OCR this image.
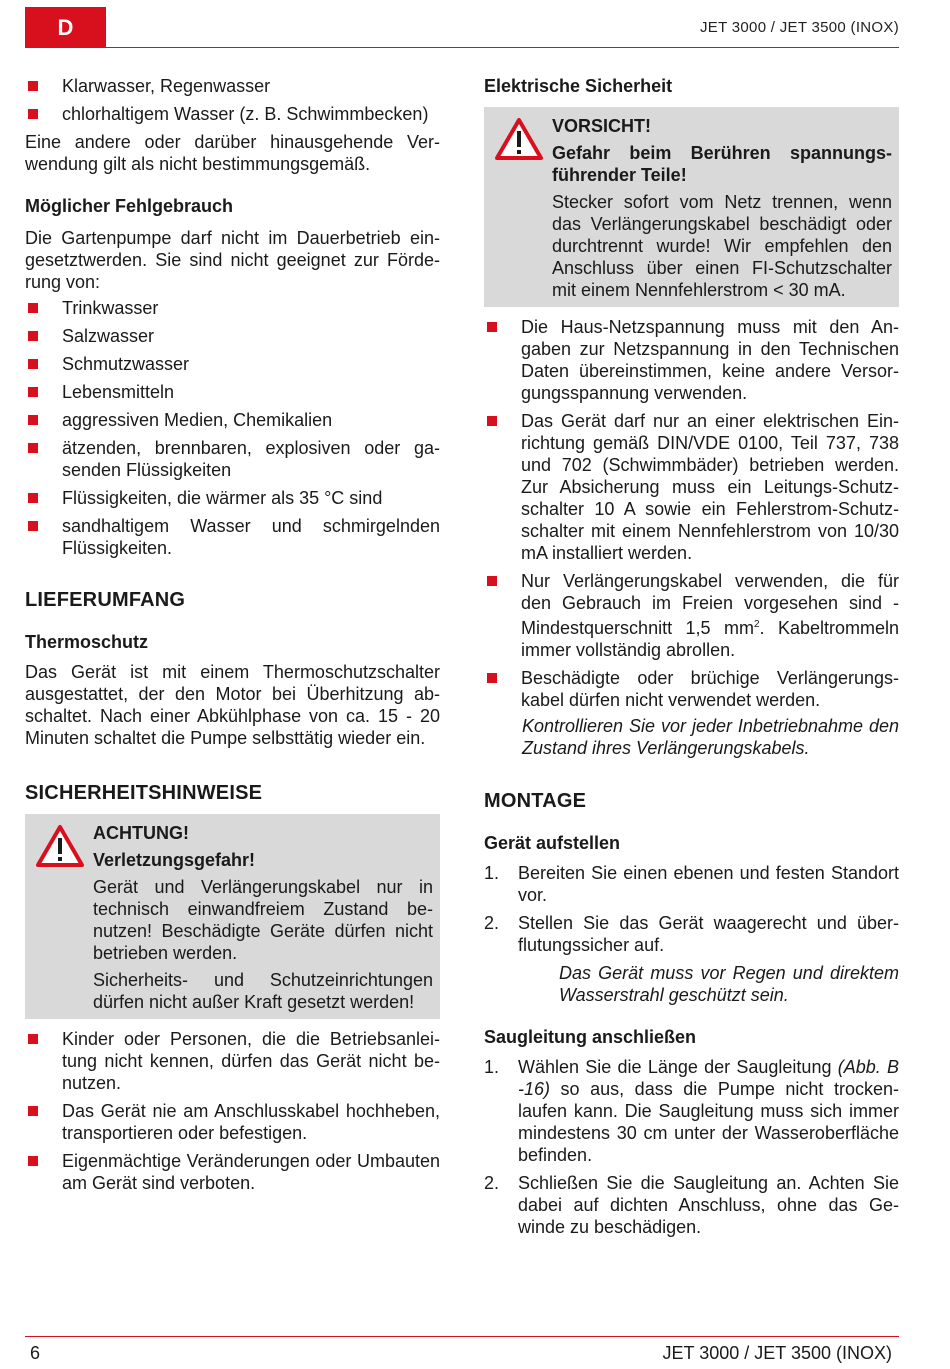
D	JET 3000 / JET 3500 (INOX)
Klarwasser, Regenwasser
chlorhaltigem Wasser (z. B. Schwimmbecken)

Eine andere oder darüber hinausgehende Verwendung gilt als nicht bestimmungsgemäß.

Möglicher Fehlgebrauch

Die Gartenpumpe darf nicht im Dauerbetrieb eingesetztwerden. Sie sind nicht geeignet zur Förderung von:

Trinkwasser
Salzwasser
Schmutzwasser
Lebensmitteln
aggressiven Medien, Chemikalien
ätzenden, brennbaren, explosiven oder gasenden Flüssigkeiten
Flüssigkeiten, die wärmer als 35 °C sind
sandhaltigem Wasser und schmirgelnden Flüssigkeiten.
LIEFERUMFANG
Thermoschutz

Das Gerät ist mit einem Thermoschutzschalter ausgestattet, der den Motor bei Überhitzung abschaltet. Nach einer Abkühlphase von ca. 15 - 20 Minuten schaltet die Pumpe selbsttätig wieder ein.

SICHERHEITSHINWEISE

ACHTUNG!

Verletzungsgefahr!

Gerät und Verlängerungskabel nur in technisch einwandfreiem Zustand benutzen! Beschädigte Geräte dürfen nicht betrieben werden.

Sicherheits- und Schutzeinrichtungen dürfen nicht außer Kraft gesetzt werden!

Kinder oder Personen, die die Betriebsanleitung nicht kennen, dürfen das Gerät nicht benutzen.
Das Gerät nie am Anschlusskabel hochheben, transportieren oder befestigen.
Eigenmächtige Veränderungen oder Umbauten am Gerät sind verboten.
Elektrische Sicherheit

VORSICHT!

Gefahr beim Berühren spannungsführender Teile!

Stecker sofort vom Netz trennen, wenn das Verlängerungskabel beschädigt oder durchtrennt wurde! Wir empfehlen den Anschluss über einen FI-Schutzschalter mit einem Nennfehlerstrom < 30 mA.

Die Haus-Netzspannung muss mit den Angaben zur Netzspannung in den Technischen Daten übereinstimmen, keine andere Versorgungsspannung verwenden.
Das Gerät darf nur an einer elektrischen Einrichtung gemäß DIN/VDE 0100, Teil 737, 738 und 702 (Schwimmbäder) betrieben werden. Zur Absicherung muss ein Leitungs-Schutzschalter 10 A sowie ein Fehlerstrom-Schutzschalter mit einem Nennfehlerstrom von 10/30 mA installiert werden.
Nur Verlängerungskabel verwenden, die für den Gebrauch im Freien vorgesehen sind - Mindestquerschnitt 1,5 $mm^2$. Kabeltrommeln immer vollständig abrollen.
Beschädigte oder brüchige Verlängerungskabel dürfen nicht verwendet werden.

Kontrollieren Sie vor jeder Inbetriebnahme den Zustand ihres Verlängerungskabels.

MONTAGE
Gerät aufstellen
1. Bereiten Sie einen ebenen und festen Standort vor.
2. Stellen Sie das Gerät waagerecht und überflutungssicher auf.

Das Gerät muss vor Regen und direktem Wasserstrahl geschützt sein.

Saugleitung anschließen
1. Wählen Sie die Länge der Saugleitung (Abb. B -16) so aus, dass die Pumpe nicht trockenlaufen kann. Die Saugleitung muss sich immer mindestens 30 cm unter der Wasseroberfläche befinden.
2. Schließen Sie die Saugleitung an. Achten Sie dabei auf dichten Anschluss, ohne das Gewinde zu beschädigen.
6	JET 3000 / JET 3500 (INOX)
